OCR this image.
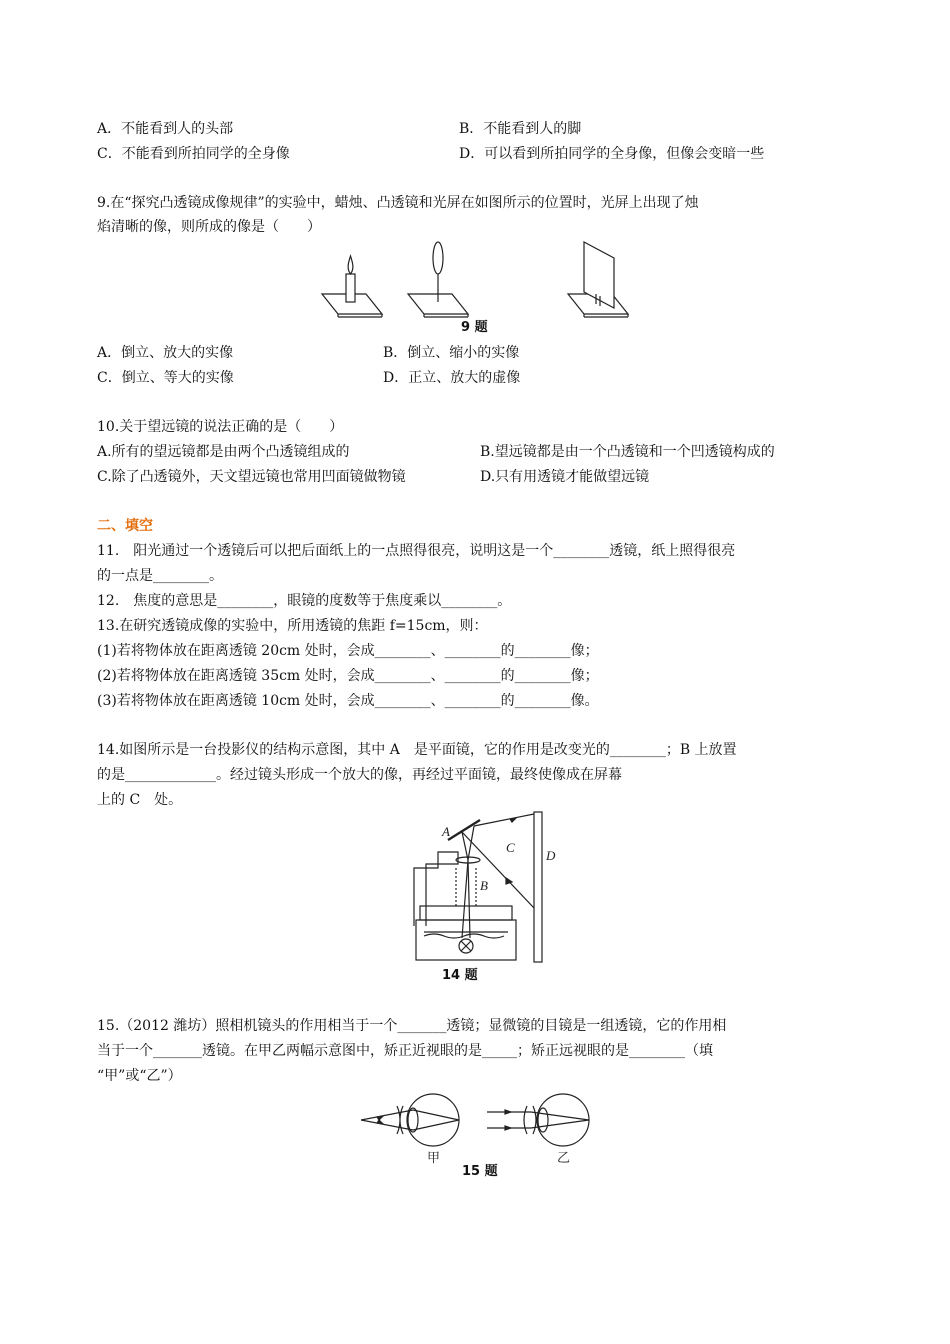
A．不能看到人的头部	B．不能看到人的脚
C．不能看到所拍同学的全身像	D．可以看到所拍同学的全身像，但像会变暗一些
9.在“探究凸透镜成像规律”的实验中，蜡烛、凸透镜和光屏在如图所示的位置时，光屏上出现了烛
焰清晰的像，则所成的像是（　　）
9 题
A．倒立、放大的实像	B．倒立、缩小的实像
C．倒立、等大的实像	D．正立、放大的虚像
10.关于望远镜的说法正确的是（　　）
A.所有的望远镜都是由两个凸透镜组成的	B.望远镜都是由一个凸透镜和一个凹透镜构成的
C.除了凸透镜外，天文望远镜也常用凹面镜做物镜	D.只有用透镜才能做望远镜
二、填空
11.　阳光通过一个透镜后可以把后面纸上的一点照得很亮，说明这是一个________透镜，纸上照得很亮
的一点是________。
12.　焦度的意思是________，眼镜的度数等于焦度乘以________。
13.在研究透镜成像的实验中，所用透镜的焦距 f=15cm，则：
(1)若将物体放在距离透镜 20cm 处时，会成________、________的________像；
(2)若将物体放在距离透镜 35cm 处时，会成________、________的________像；
(3)若将物体放在距离透镜 10cm 处时，会成________、________的________像。
14.如图所示是一台投影仪的结构示意图，其中 A　是平面镜，它的作用是改变光的________；B 上放置
的是_____________。经过镜头形成一个放大的像，再经过平面镜，最终使像成在屏幕
上的 C　处。
A
B
C
D
14 题
15.（2012 潍坊）照相机镜头的作用相当于一个_______透镜；显微镜的目镜是一组透镜，它的作用相
当于一个_______透镜。在甲乙两幅示意图中，矫正近视眼的是_____；矫正远视眼的是________（填
“甲”或“乙”）
甲	乙
15 题
